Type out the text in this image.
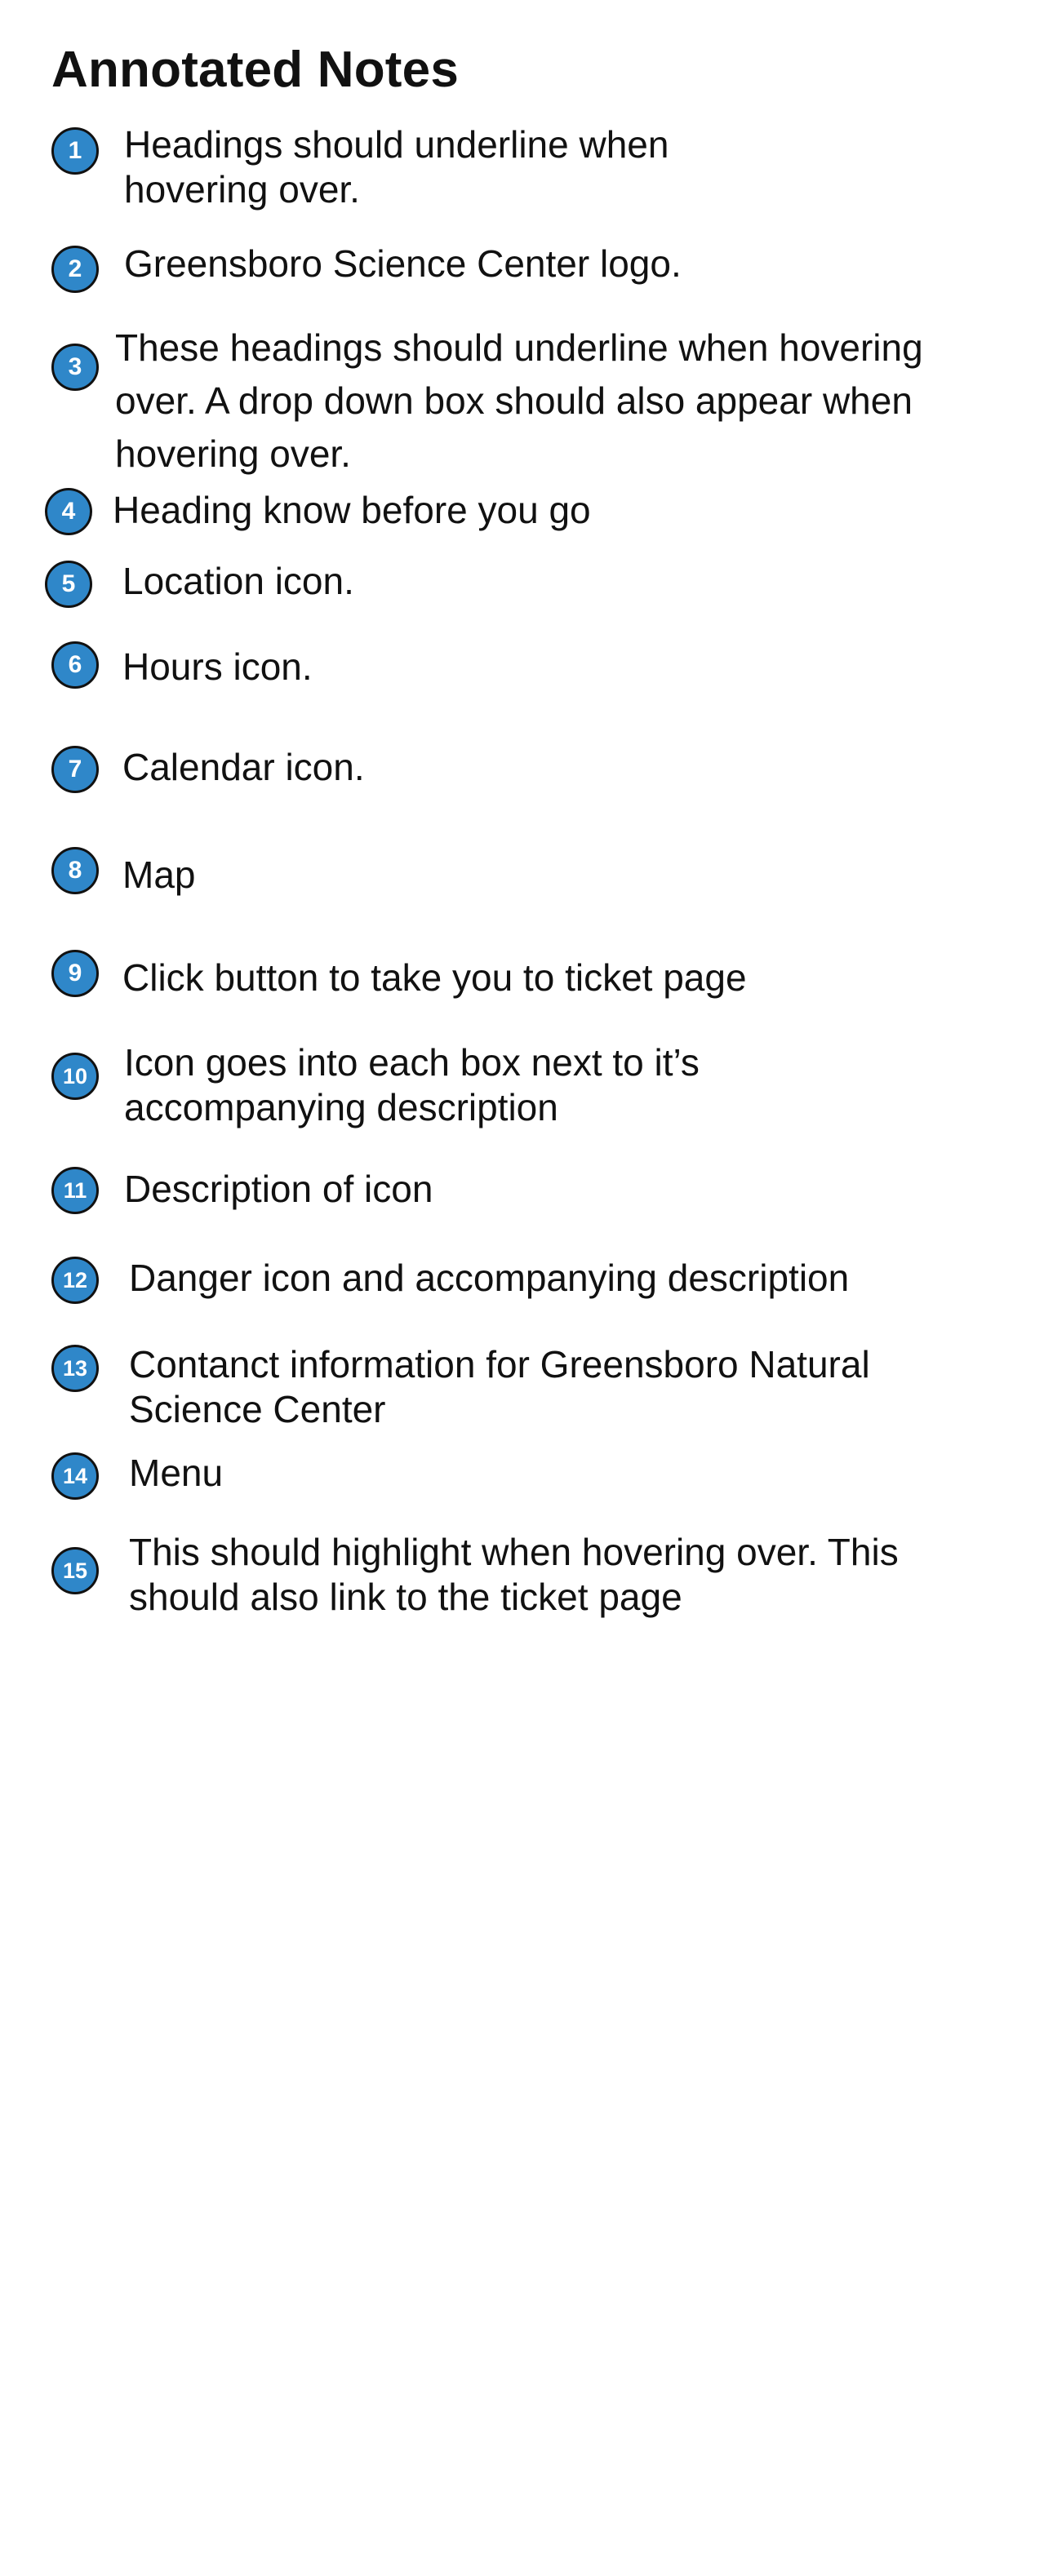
Annotated Notes
1	Headings should underline when hovering over.

2	Greensboro Science Center logo.

3 These headings should underline when hovering over. A drop down box should also appear when hovering over.

4 Heading know before you go

5	Location icon.

6	Hours icon.

7	Calendar icon.

8	Map

9	Click button to take you to ticket page

10 Icon goes into each box next to it’s accompanying description

11 Description of icon

12	Danger icon and accompanying description

13	Contanct information for Greensboro Natural Science Center

14	Menu

15	This should highlight when hovering over. This should also link to the ticket page
